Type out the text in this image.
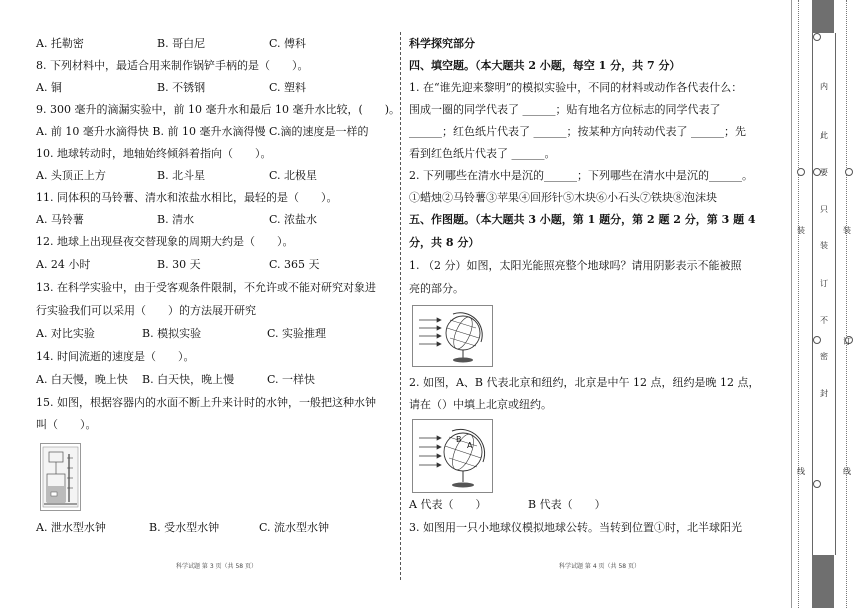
A. 托勒密	B. 哥白尼	C. 傅科
8. 下列材料中，最适合用来制作锅铲手柄的是（　　）。
A. 铜	B. 不锈钢	C. 塑料
9. 300 毫升的滴漏实验中，前 10 毫升水和最后 10 毫升水比较，(　　)。
A. 前 10 毫升水滴得快 B. 前 10 毫升水滴得慢 C.滴的速度是一样的
10. 地球转动时，地轴始终倾斜着指向（　　）。
A. 头顶正上方	B. 北斗星	C. 北极星
11. 同体积的马铃薯、清水和浓盐水相比，最轻的是（　　）。
A. 马铃薯	B. 清水	C. 浓盐水
12. 地球上出现昼夜交替现象的周期大约是（　　）。
A. 24 小时	B. 30 天	C. 365 天
13. 在科学实验中，由于受客观条件限制，不允许或不能对研究对象进
行实验我们可以采用（　　）的方法展开研究
A. 对比实验	B. 模拟实验	C. 实验推理
14. 时间流逝的速度是（　　）。
A. 白天慢，晚上快 B. 白天快，晚上慢	C. 一样快
15. 如图，根据容器内的水面不断上升来计时的水钟，一般把这种水钟
叫（　　）。
A. 泄水型水钟	B. 受水型水钟	C. 流水型水钟
科学试题 第 3 页（共 58 页）
科学探究部分
四、填空题。（本大题共 2 小题，每空 1 分，共 7 分）
1. 在“谁先迎来黎明”的模拟实验中，不同的材料或动作各代表什么：
围成一圈的同学代表了 ______；贴有地名方位标志的同学代表了
______；红色纸片代表了 ______；按某种方向转动代表了 ______；先
看到红色纸片代表了 ______。
2. 下列哪些在清水中是沉的______；下列哪些在清水中是沉的______。
①蜡烛②马铃薯③苹果④回形针⑤木块⑥小石头⑦铁块⑧泡沫块
五、作图题。（本大题共 3 小题，第 1 题分，第 2 题 2 分，第 3 题 4
分，共 8 分）
1. （2 分）如图，太阳光能照亮整个地球吗？请用阴影表示不能被照
亮的部分。
2. 如图，A、B 代表北京和纽约，北京是中午 12 点，纽约是晚 12 点，
请在（）中填上北京或纽约。
B
A
A 代表（　　）	B 代表（　　）
3. 如图用一只小地球仪模拟地球公转。当转到位置①时，北半球阳光
科学试题 第 4 页（共 58 页）
内
此
要
只
装
订
不
密
封
装
线
装
订
线
